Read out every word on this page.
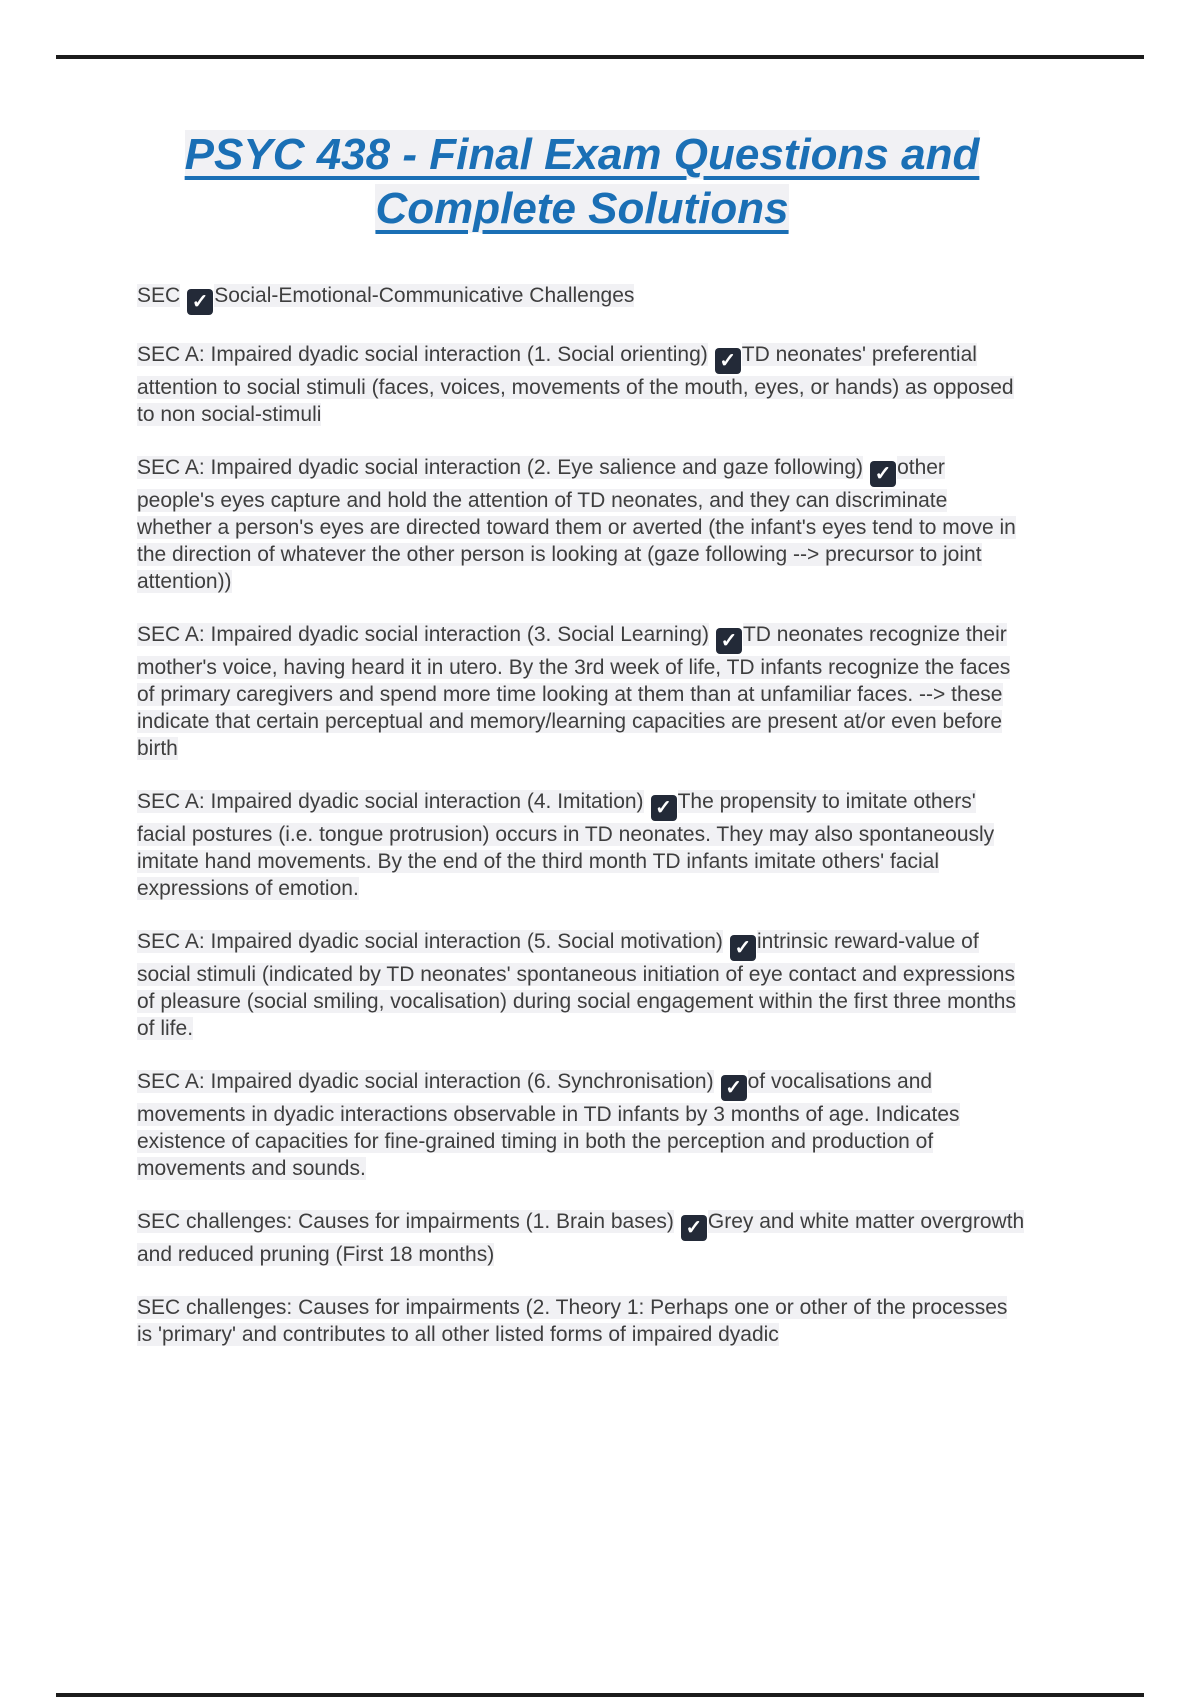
PSYC 438 - Final Exam Questions and Complete Solutions

SEC ✓ Social-Emotional-Communicative Challenges

SEC A: Impaired dyadic social interaction (1. Social orienting) ✓ TD neonates' preferential attention to social stimuli (faces, voices, movements of the mouth, eyes, or hands) as opposed to non social-stimuli

SEC A: Impaired dyadic social interaction (2. Eye salience and gaze following) ✓ other people's eyes capture and hold the attention of TD neonates, and they can discriminate whether a person's eyes are directed toward them or averted (the infant's eyes tend to move in the direction of whatever the other person is looking at (gaze following --> precursor to joint attention))

SEC A: Impaired dyadic social interaction (3. Social Learning) ✓ TD neonates recognize their mother's voice, having heard it in utero. By the 3rd week of life, TD infants recognize the faces of primary caregivers and spend more time looking at them than at unfamiliar faces. --> these indicate that certain perceptual and memory/learning capacities are present at/or even before birth

SEC A: Impaired dyadic social interaction (4. Imitation) ✓ The propensity to imitate others' facial postures (i.e. tongue protrusion) occurs in TD neonates. They may also spontaneously imitate hand movements. By the end of the third month TD infants imitate others' facial expressions of emotion.

SEC A: Impaired dyadic social interaction (5. Social motivation) ✓ intrinsic reward-value of social stimuli (indicated by TD neonates' spontaneous initiation of eye contact and expressions of pleasure (social smiling, vocalisation) during social engagement within the first three months of life.

SEC A: Impaired dyadic social interaction (6. Synchronisation) ✓ of vocalisations and movements in dyadic interactions observable in TD infants by 3 months of age. Indicates existence of capacities for fine-grained timing in both the perception and production of movements and sounds.

SEC challenges: Causes for impairments (1. Brain bases) ✓ Grey and white matter overgrowth and reduced pruning (First 18 months)

SEC challenges: Causes for impairments (2. Theory 1: Perhaps one or other of the processes is 'primary' and contributes to all other listed forms of impaired dyadic
